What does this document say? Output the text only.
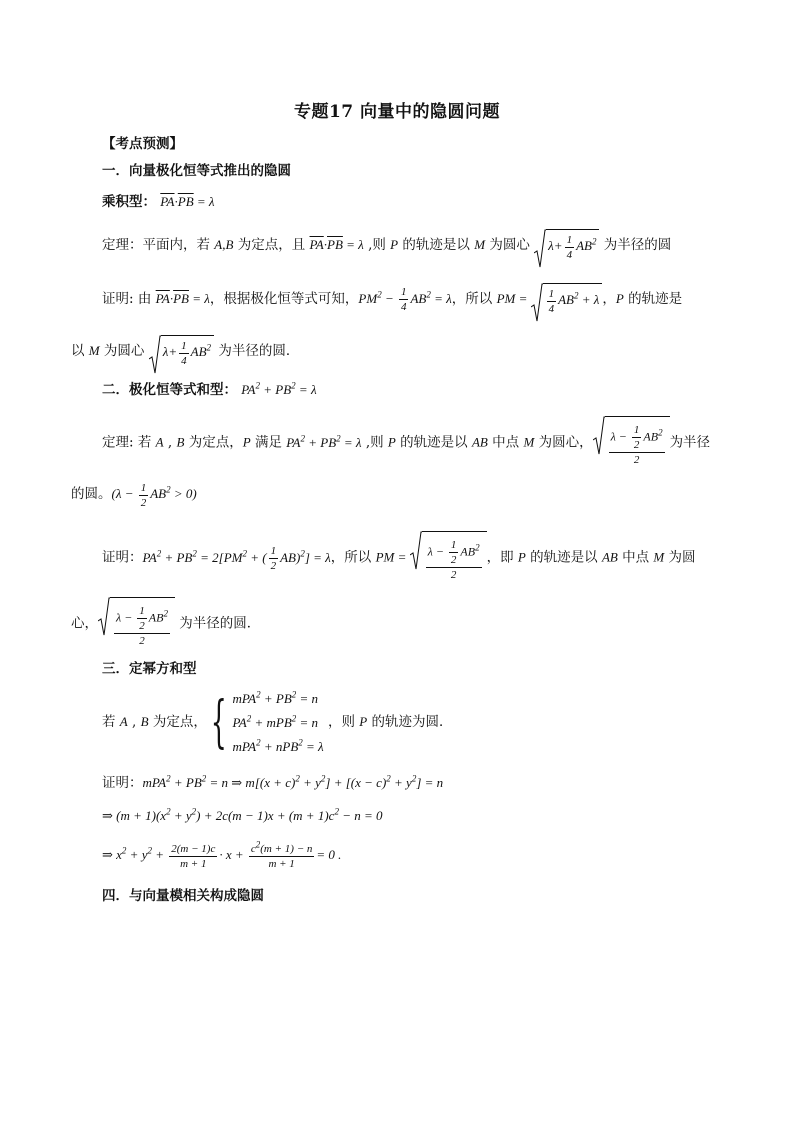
专题17 向量中的隐圆问题
【考点预测】
一．向量极化恒等式推出的隐圆
乘积型： $\overline{PA}\cdot\overline{PB} = \lambda$
定理：平面内，若 A,B 为定点，且 $\overline{PA}\cdot\overline{PB} = \lambda$ ,则 P 的轨迹是以 M 为圆心
$\lambda+ \frac{1}{4} AB^2$ 为半径的圆
证明: 由 $\overline{PA}\cdot\overline{PB} = \lambda$，根据极化恒等式可知，$PM^2 - \frac{1}{4} AB^2 = \lambda$，所以 PM = $\frac{1}{4} AB^2 + \lambda$ ，P 的轨迹是
以 M 为圆心
$\lambda+ \frac{1}{4} AB^2$ 为半径的圆．
二．极化恒等式和型： $PA^2 + PB^2 = \lambda$
定理: 若 A , B 为定点，P 满足 $PA^2 + PB^2 = \lambda$ ,则 P 的轨迹是以 AB 中点 M 为圆心， $\frac{\lambda - \frac{1}{2} AB^2}{2}$ 为半径
的圆。$(\lambda - \frac{1}{2} AB^2 > 0)$
证明：$PA^2 + PB^2 = 2[PM^2$ + ( $\frac{1}{2} AB)^2] = \lambda$，所以 PM = $\frac{\lambda - \frac{1}{2} AB^2}{2}$ ，即 P 的轨迹是以 AB 中点 M 为圆
心， $\frac{\lambda - \frac{1}{2} AB^2}{2}$ 为半径的圆．
三．定幂方和型
若 A , B 为定点，{ $mPA^2 + PB^2 = n$
$PA^2 + mPB^2 = n$
mPA$^2$ + nPB$^2$ = λ
，则 P 的轨迹为圆．
证明：$mPA^2 + PB^2 = n$ ⇒ $m[(x + c)^2 + y^2] + [(x - c)^2 + y^2] = n$
⇒ $(m + 1)(x^2 + y^2) + 2c(m - 1)x + (m + 1)c^2 - n = 0$
⇒ $x^2 + y^2 + \frac{2(m - 1)c}{m + 1} \cdot x + \frac{c^2(m + 1) - n}{m + 1} = 0$ .
四．与向量模相关构成隐圆
